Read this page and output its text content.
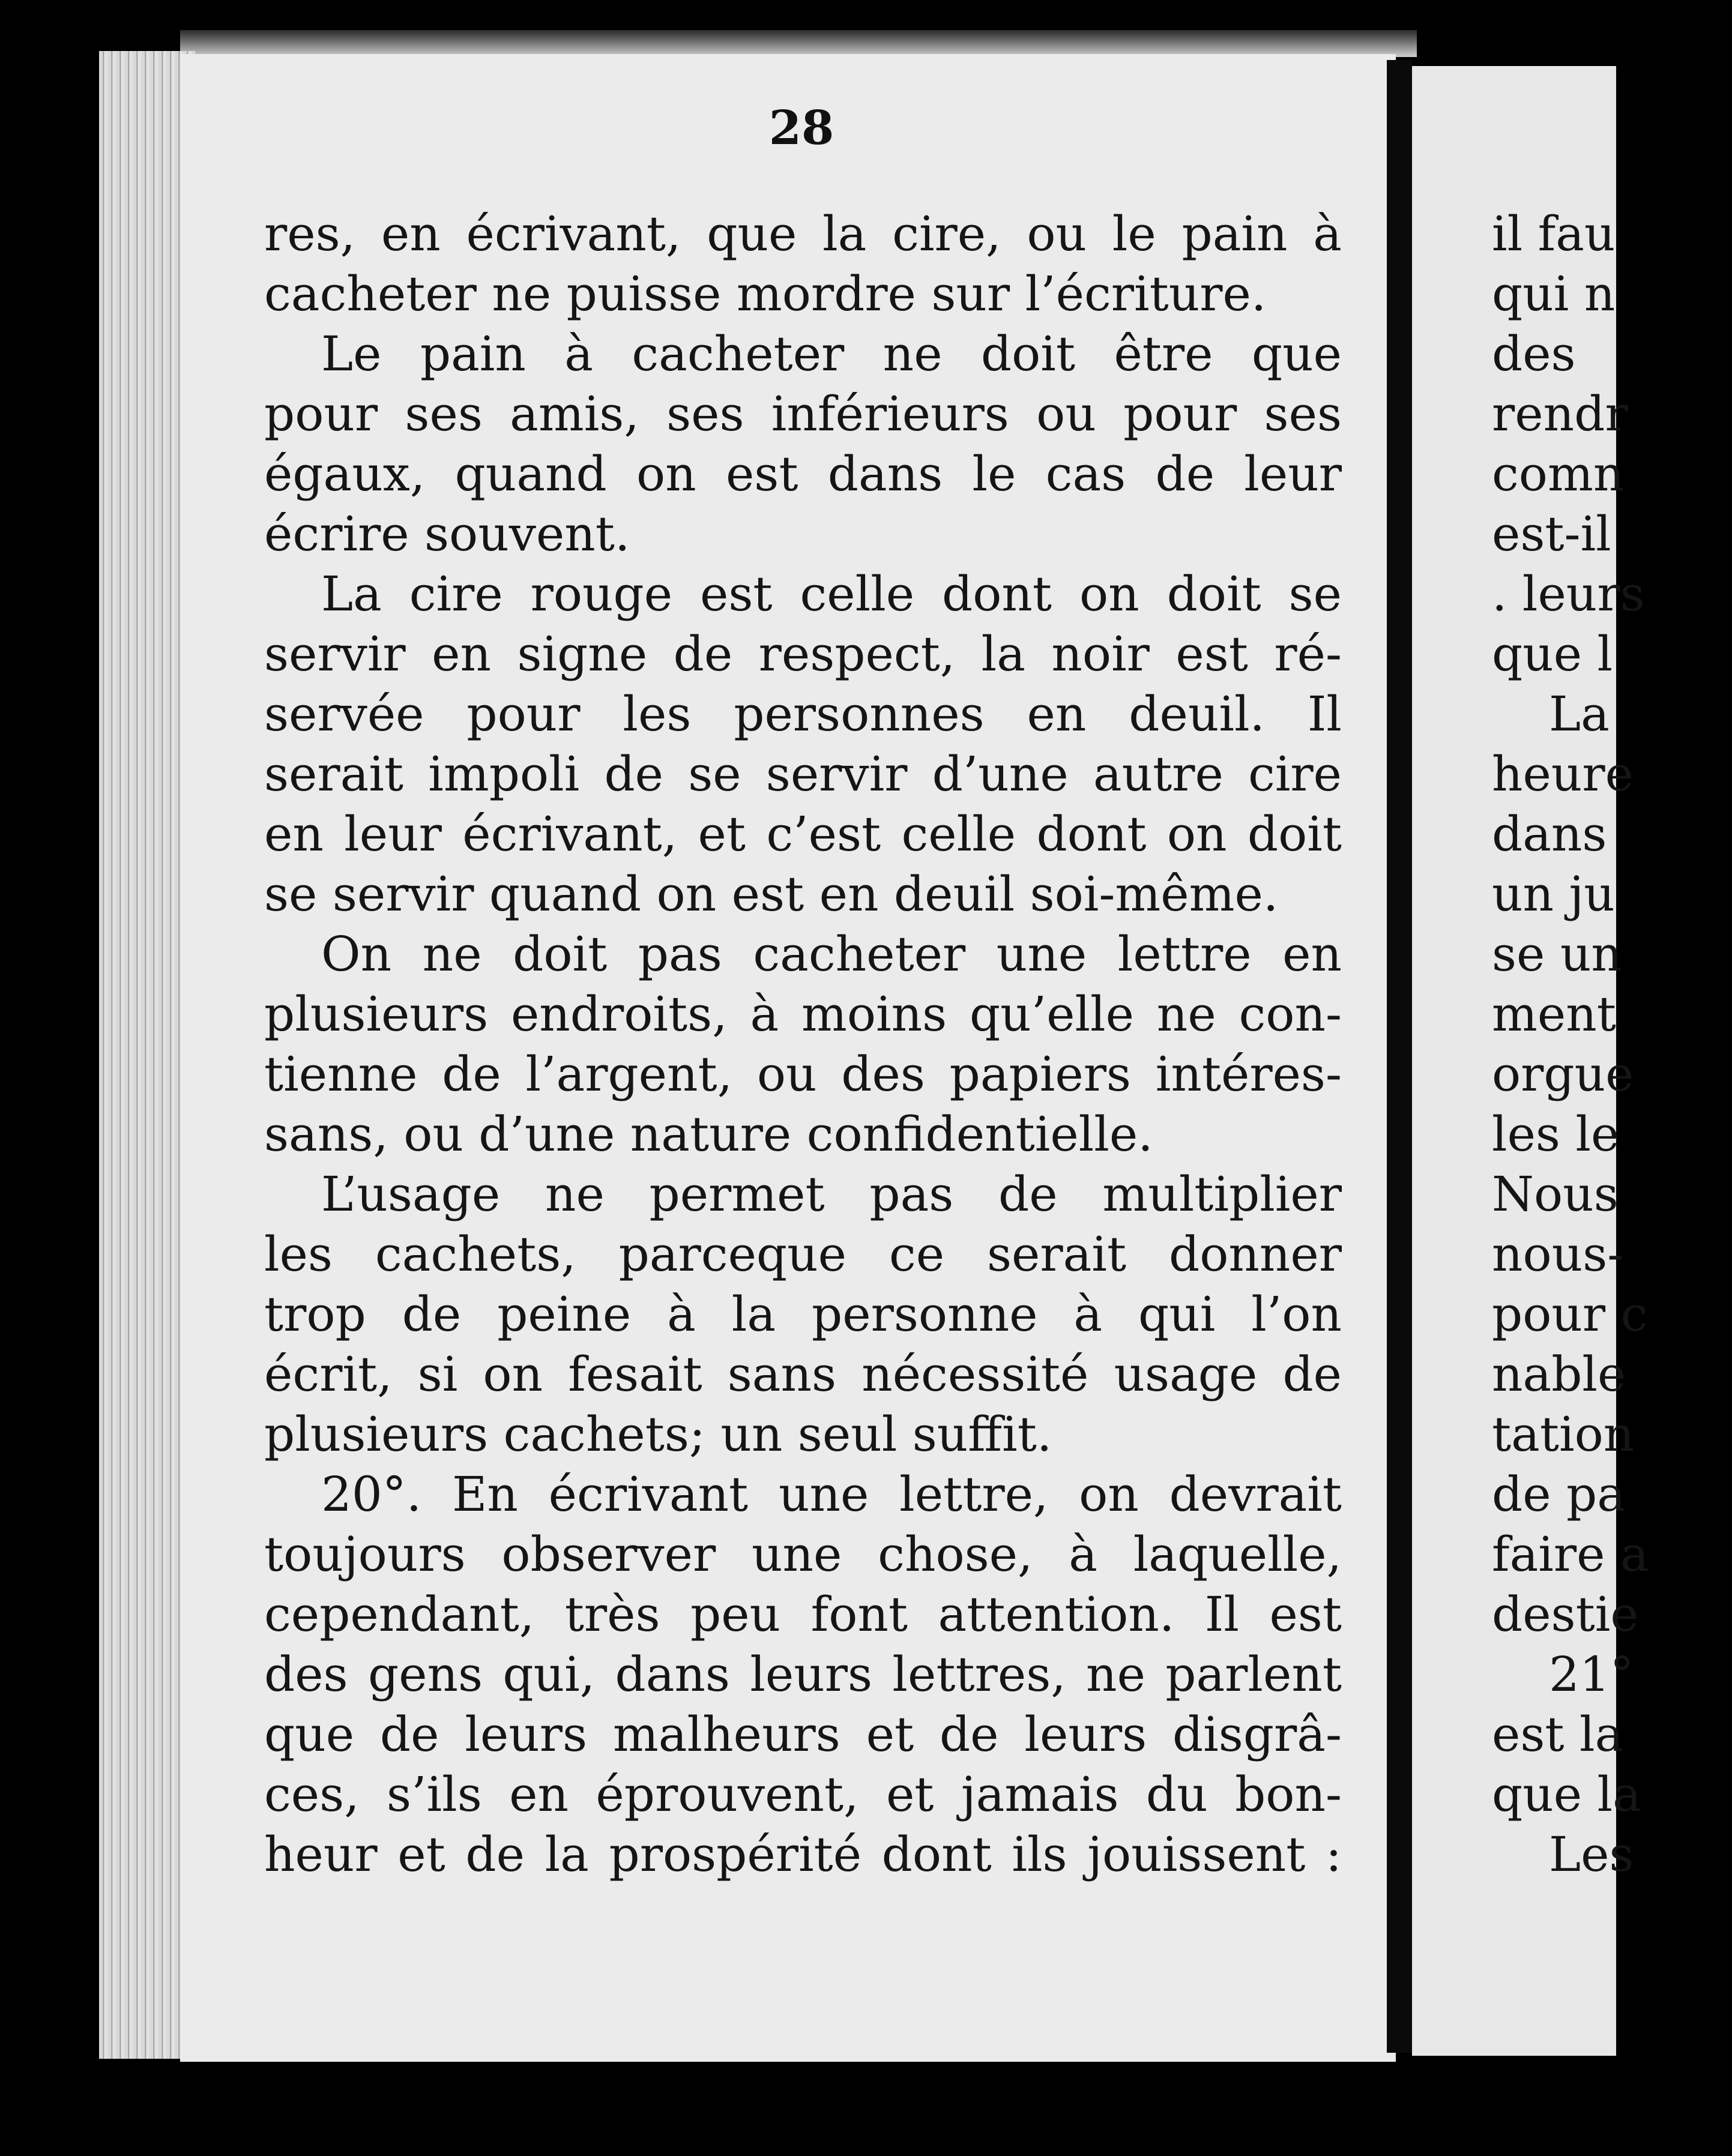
28
res, en écrivant, que la cire, ou le pain à
cacheter ne puisse mordre sur l’écriture.
Le pain à cacheter ne doit être que
pour ses amis, ses inférieurs ou pour ses
égaux, quand on est dans le cas de leur
écrire souvent.
La cire rouge est celle dont on doit se
servir en signe de respect, la noir est ré-
servée pour les personnes en deuil. Il
serait impoli de se servir d’une autre cire
en leur écrivant, et c’est celle dont on doit
se servir quand on est en deuil soi-même.
On ne doit pas cacheter une lettre en
plusieurs endroits, à moins qu’elle ne con-
tienne de l’argent, ou des papiers intéres-
sans, ou d’une nature confidentielle.
L’usage ne permet pas de multiplier
les cachets, parceque ce serait donner
trop de peine à la personne à qui l’on
écrit, si on fesait sans nécessité usage de
plusieurs cachets; un seul suffit.
20°. En écrivant une lettre, on devrait
toujours observer une chose, à laquelle,
cependant, très peu font attention. Il est
des gens qui, dans leurs lettres, ne parlent
que de leurs malheurs et de leurs disgrâ-
ces, s’ils en éprouvent, et jamais du bon-
heur et de la prospérité dont ils jouissent :
il fau
qui n
des
rendr
comn
est-il
. leurs
que l
La
heure
dans
un ju
se un
ment
orgue
les le
Nous
nous-
pour c
nable
tation
de pa
faire a
destie
21°
est la
que la
Les
